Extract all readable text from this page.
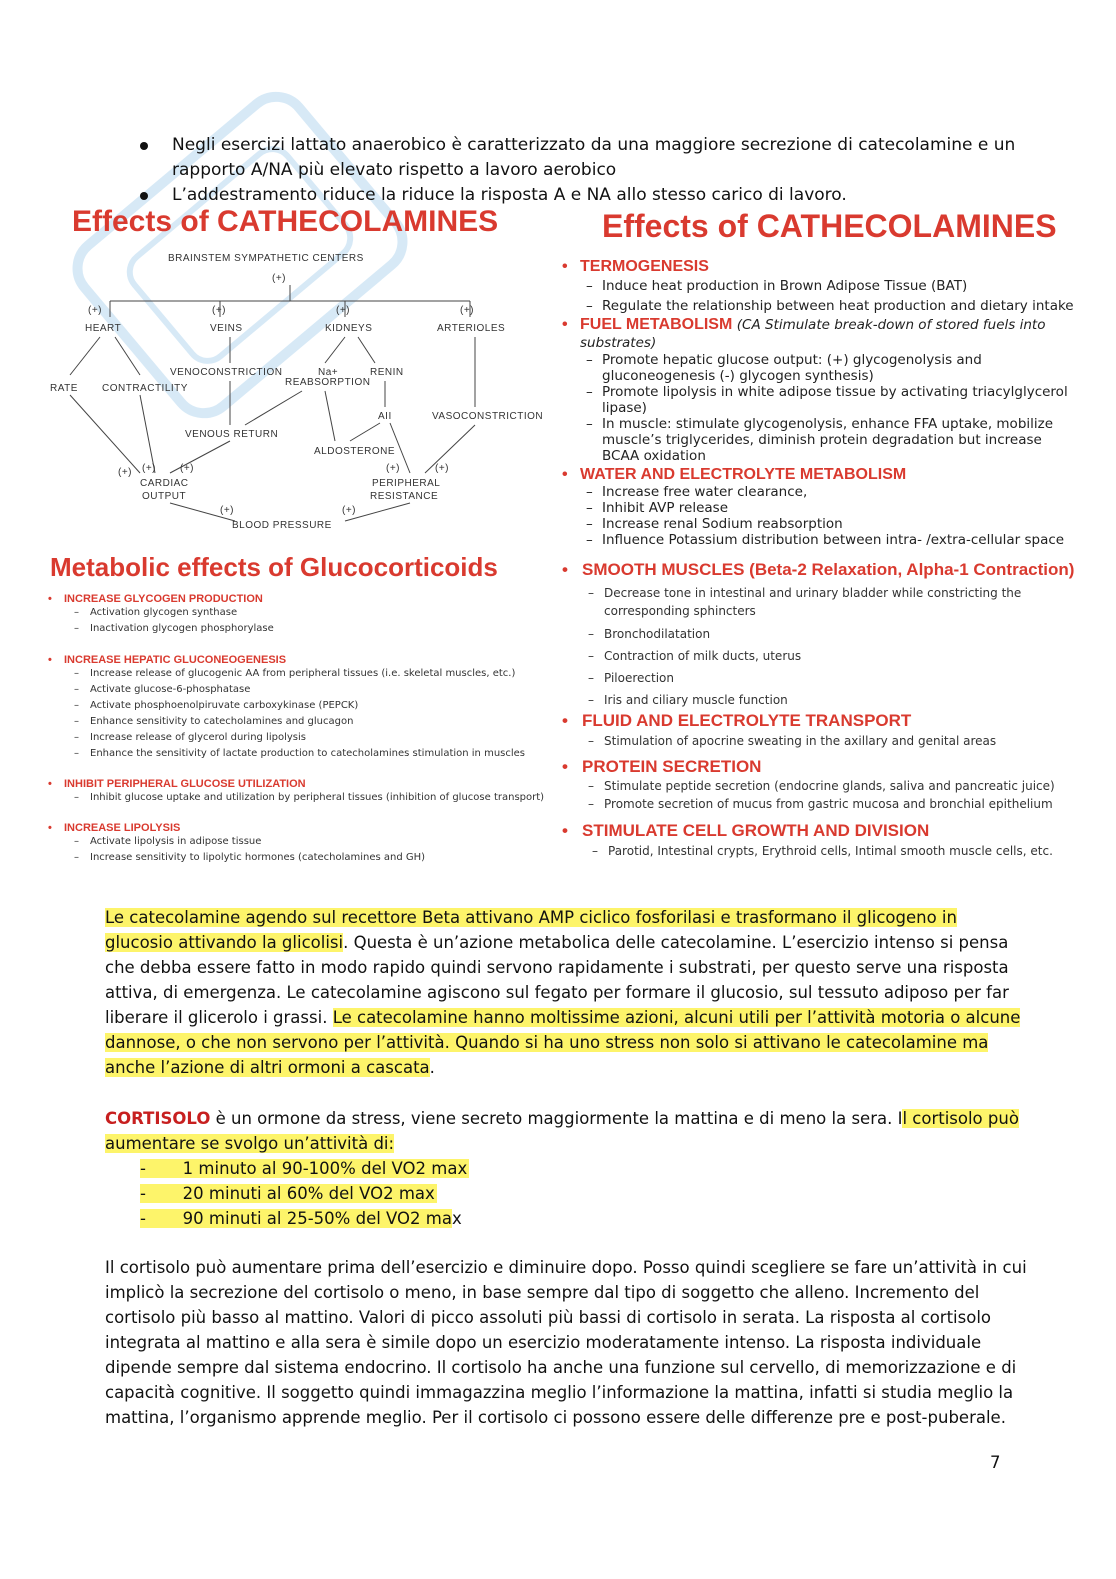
Negli esercizi lattato anaerobico è caratterizzato da una maggiore secrezione di catecolamine e un rapporto A/NA più elevato rispetto a lavoro aerobico
L’addestramento riduce la riduce la risposta A e NA allo stesso carico di lavoro.
Effects of CATHECOLAMINES
BRAINSTEM SYMPATHETIC CENTERS
(+)
(+)	(+)	(+)	(+)
HEART	VEINS	KIDNEYS	ARTERIOLES
RATE CONTRACTILITY
VENOCONSTRICTION	Na+
REABSORPTION
RENIN
AII	VASOCONSTRICTION
VENOUS RETURN
ALDOSTERONE
(+) (+) (+)	(+)	(+)
CARDIAC
OUTPUT
PERIPHERAL
RESISTANCE
(+)	(+)
BLOOD PRESSURE
Metabolic effects of Glucocorticoids
• INCREASE GLYCOGEN PRODUCTION
– Activation glycogen synthase
– Inactivation glycogen phosphorylase
• INCREASE HEPATIC GLUCONEOGENESIS
– Increase release of glucogenic AA from peripheral tissues (i.e. skeletal muscles, etc.)
– Activate glucose-6-phosphatase
– Activate phosphoenolpiruvate carboxykinase (PEPCK)
– Enhance sensitivity to catecholamines and glucagon
– Increase release of glycerol during lipolysis
– Enhance the sensitivity of lactate production to catecholamines stimulation in muscles
• INHIBIT PERIPHERAL GLUCOSE UTILIZATION
– Inhibit glucose uptake and utilization by peripheral tissues (inhibition of glucose transport)
• INCREASE LIPOLYSIS
– Activate lipolysis in adipose tissue
– Increase sensitivity to lipolytic hormones (catecholamines and GH)
Effects of CATHECOLAMINES
• TERMOGENESIS
– Induce heat production in Brown Adipose Tissue (BAT)
– Regulate the relationship between heat production and dietary intake
• FUEL METABOLISM (CA Stimulate break-down of stored fuels into substrates)
– Promote hepatic glucose output: (+) glycogenolysis and gluconeogenesis (-) glycogen synthesis)
– Promote lipolysis in white adipose tissue by activating triacylglycerol lipase)
– In muscle: stimulate glycogenolysis, enhance FFA uptake, mobilize muscle’s triglycerides, diminish protein degradation but increase BCAA oxidation
• WATER AND ELECTROLYTE METABOLISM
– Increase free water clearance,
– Inhibit AVP release
– Increase renal Sodium reabsorption
– Influence Potassium distribution between intra- /extra-cellular space
• SMOOTH MUSCLES (Beta-2 Relaxation, Alpha-1 Contraction)
– Decrease tone in intestinal and urinary bladder while constricting the corresponding sphincters
– Bronchodilatation
– Contraction of milk ducts, uterus
– Piloerection
– Iris and ciliary muscle function
• FLUID AND ELECTROLYTE TRANSPORT
– Stimulation of apocrine sweating in the axillary and genital areas
• PROTEIN SECRETION
– Stimulate peptide secretion (endocrine glands, saliva and pancreatic juice)
– Promote secretion of mucus from gastric mucosa and bronchial epithelium
• STIMULATE CELL GROWTH AND DIVISION
– Parotid, Intestinal crypts, Erythroid cells, Intimal smooth muscle cells, etc.
Le catecolamine agendo sul recettore Beta attivano AMP ciclico fosforilasi e trasformano il glicogeno in glucosio attivando la glicolisi. Questa è un’azione metabolica delle catecolamine. L’esercizio intenso si pensa che debba essere fatto in modo rapido quindi servono rapidamente i substrati, per questo serve una risposta attiva, di emergenza. Le catecolamine agiscono sul fegato per formare il glucosio, sul tessuto adiposo per far liberare il glicerolo i grassi. Le catecolamine hanno moltissime azioni, alcuni utili per l’attività motoria o alcune dannose, o che non servono per l’attività. Quando si ha uno stress non solo si attivano le catecolamine ma anche l’azione di altri ormoni a cascata.
CORTISOLO è un ormone da stress, viene secreto maggiormente la mattina e di meno la sera. Il cortisolo può aumentare se svolgo un’attività di:
-       1 minuto al 90-100% del VO2 max
-       20 minuti al 60% del VO2 max
-       90 minuti al 25-50% del VO2 max
Il cortisolo può aumentare prima dell’esercizio e diminuire dopo. Posso quindi scegliere se fare un’attività in cui implicò la secrezione del cortisolo o meno, in base sempre dal tipo di soggetto che alleno. Incremento del cortisolo più basso al mattino. Valori di picco assoluti più bassi di cortisolo in serata. La risposta al cortisolo integrata al mattino e alla sera è simile dopo un esercizio moderatamente intenso. La risposta individuale dipende sempre dal sistema endocrino. Il cortisolo ha anche una funzione sul cervello, di memorizzazione e di capacità cognitive. Il soggetto quindi immagazzina meglio l’informazione la mattina, infatti si studia meglio la mattina, l’organismo apprende meglio. Per il cortisolo ci possono essere delle differenze pre e post-puberale.
7
